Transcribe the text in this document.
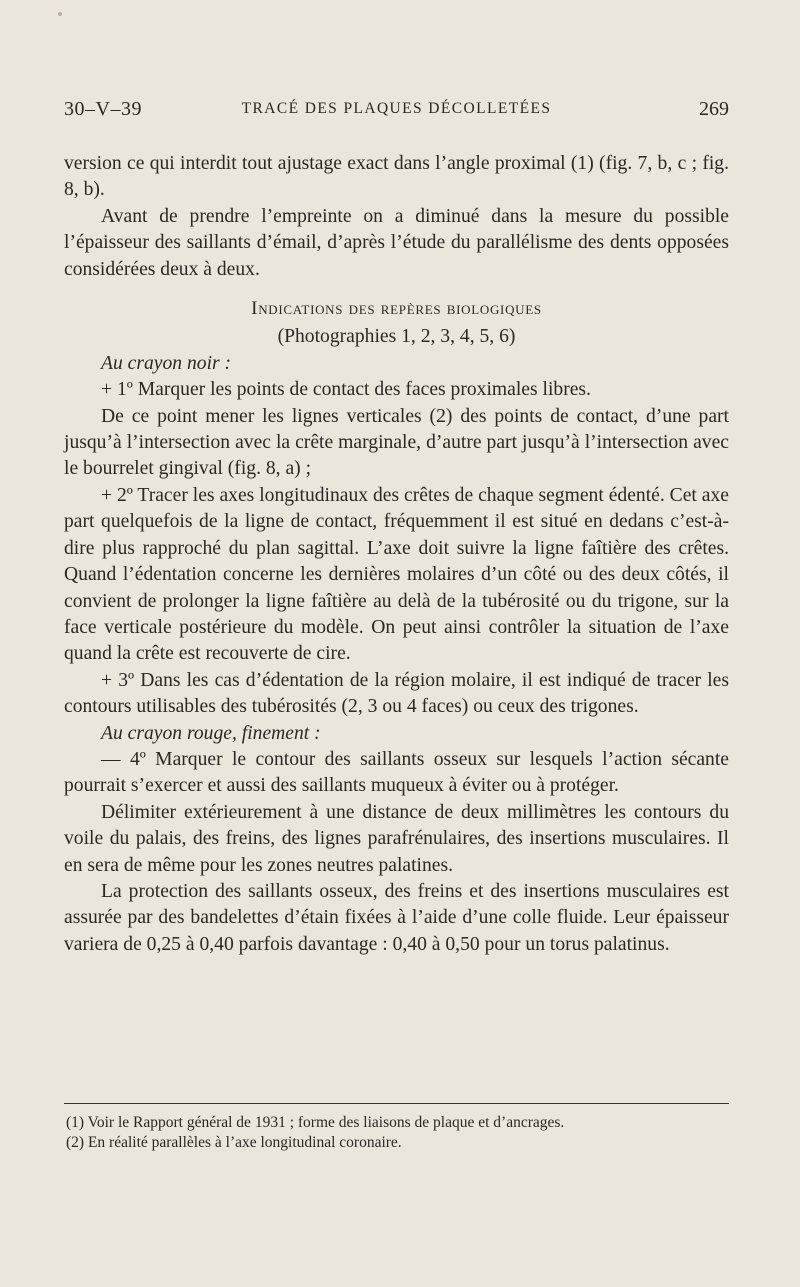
30–V–39	TRACÉ DES PLAQUES DÉCOLLETÉES	269

version ce qui interdit tout ajustage exact dans l’angle proximal (1) (fig. 7, b, c ; fig. 8, b).

Avant de prendre l’empreinte on a diminué dans la mesure du possible l’épaisseur des saillants d’émail, d’après l’étude du parallélisme des dents opposées considérées deux à deux.

Indications des repères biologiques

(Photographies 1, 2, 3, 4, 5, 6)

Au crayon noir :

+ 1º Marquer les points de contact des faces proximales libres.

De ce point mener les lignes verticales (2) des points de contact, d’une part jusqu’à l’intersection avec la crête marginale, d’autre part jusqu’à l’intersection avec le bourrelet gingival (fig. 8, a) ;

+ 2º Tracer les axes longitudinaux des crêtes de chaque segment édenté. Cet axe part quelquefois de la ligne de contact, fréquemment il est situé en dedans c’est-à-dire plus rapproché du plan sagittal. L’axe doit suivre la ligne faîtière des crêtes. Quand l’édentation concerne les dernières molaires d’un côté ou des deux côtés, il convient de prolonger la ligne faîtière au delà de la tubérosité ou du trigone, sur la face verticale postérieure du modèle. On peut ainsi contrôler la situation de l’axe quand la crête est recouverte de cire.

+ 3º Dans les cas d’édentation de la région molaire, il est indiqué de tracer les contours utilisables des tubérosités (2, 3 ou 4 faces) ou ceux des trigones.

Au crayon rouge, finement :

— 4º Marquer le contour des saillants osseux sur lesquels l’action sécante pourrait s’exercer et aussi des saillants muqueux à éviter ou à protéger.

Délimiter extérieurement à une distance de deux millimètres les contours du voile du palais, des freins, des lignes parafrénulaires, des insertions musculaires. Il en sera de même pour les zones neutres palatines.

La protection des saillants osseux, des freins et des insertions musculaires est assurée par des bandelettes d’étain fixées à l’aide d’une colle fluide. Leur épaisseur variera de 0,25 à 0,40 parfois davantage : 0,40 à 0,50 pour un torus palatinus.

(1) Voir le Rapport général de 1931 ; forme des liaisons de plaque et d’ancrages.

(2) En réalité parallèles à l’axe longitudinal coronaire.
